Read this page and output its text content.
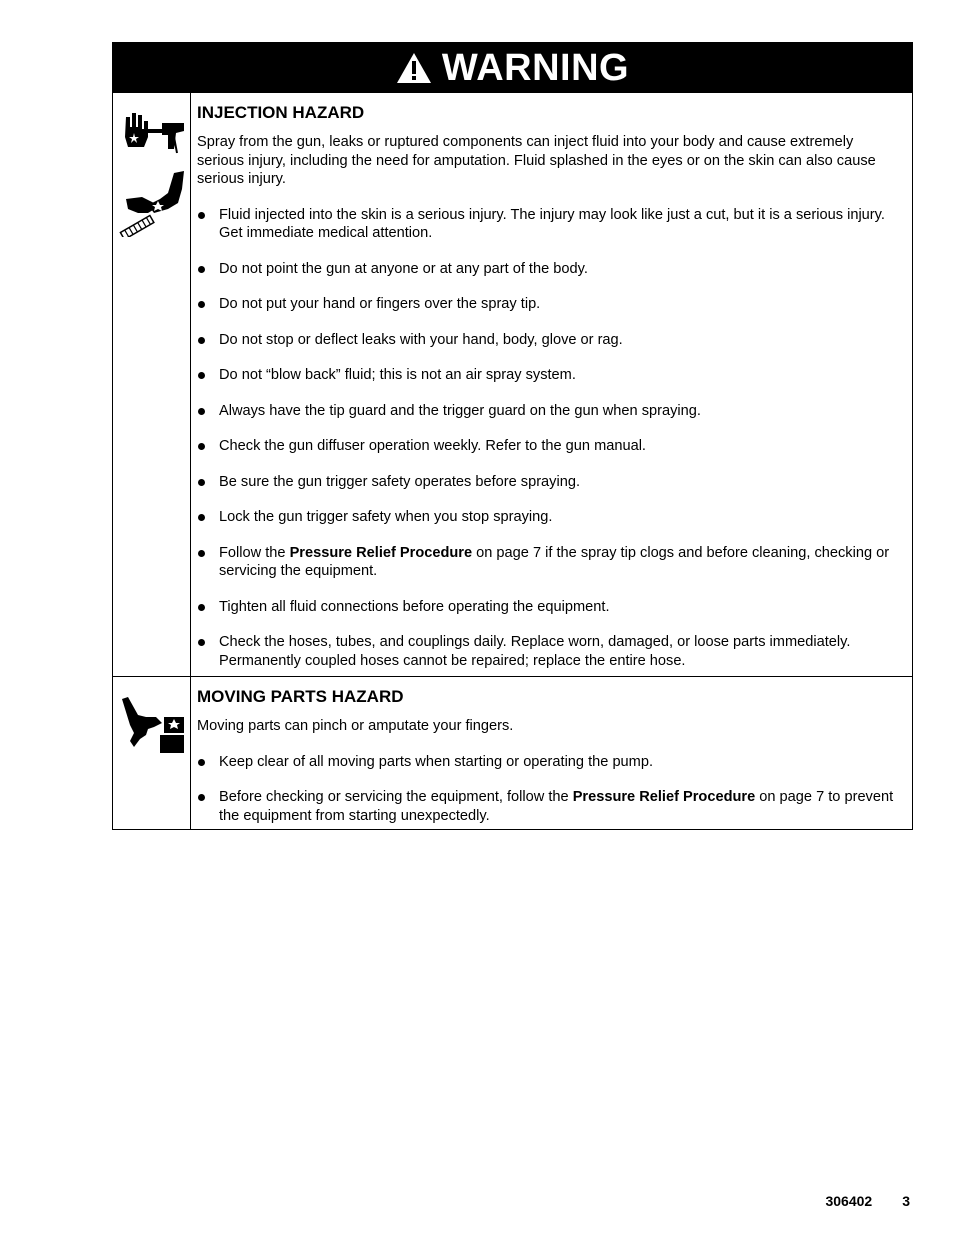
WARNING
INJECTION HAZARD

Spray from the gun, leaks or ruptured components can inject fluid into your body and cause extremely serious injury, including the need for amputation. Fluid splashed in the eyes or on the skin can also cause serious injury.

Fluid injected into the skin is a serious injury. The injury may look like just a cut, but it is a serious injury. Get immediate medical attention.
Do not point the gun at anyone or at any part of the body.
Do not put your hand or fingers over the spray tip.
Do not stop or deflect leaks with your hand, body, glove or rag.
Do not “blow back” fluid; this is not an air spray system.
Always have the tip guard and the trigger guard on the gun when spraying.
Check the gun diffuser operation weekly. Refer to the gun manual.
Be sure the gun trigger safety operates before spraying.
Lock the gun trigger safety when you stop spraying.
Follow the Pressure Relief Procedure on page 7 if the spray tip clogs and before cleaning, checking or servicing the equipment.
Tighten all fluid connections before operating the equipment.
Check the hoses, tubes, and couplings daily. Replace worn, damaged, or loose parts immediately. Permanently coupled hoses cannot be repaired; replace the entire hose.
MOVING PARTS HAZARD

Moving parts can pinch or amputate your fingers.

Keep clear of all moving parts when starting or operating the pump.
Before checking or servicing the equipment, follow the Pressure Relief Procedure on page 7 to prevent the equipment from starting unexpectedly.
306402 3
